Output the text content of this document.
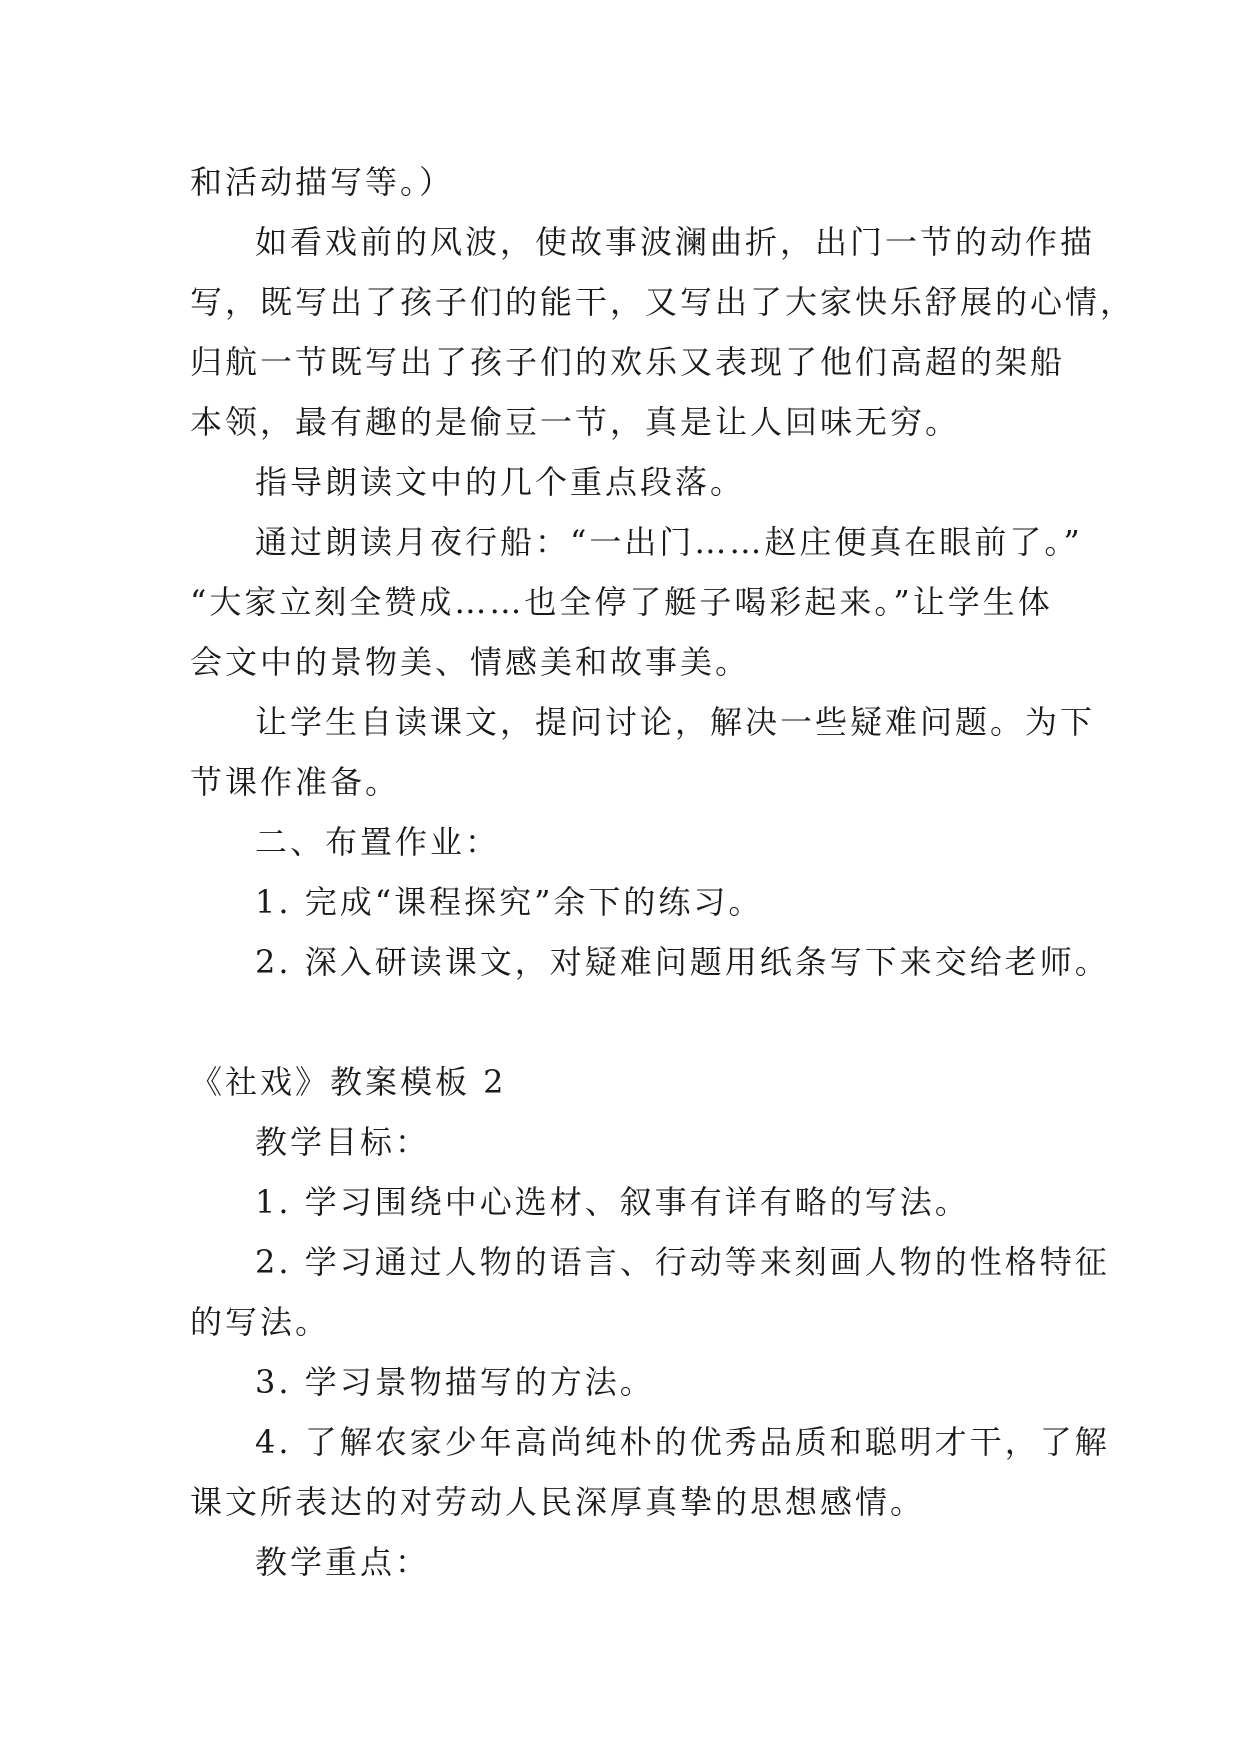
和活动描写等。）
如看戏前的风波，使故事波澜曲折，出门一节的动作描
写，既写出了孩子们的能干，又写出了大家快乐舒展的心情，
归航一节既写出了孩子们的欢乐又表现了他们高超的架船
本领，最有趣的是偷豆一节，真是让人回味无穷。
指导朗读文中的几个重点段落。
通过朗读月夜行船：“一出门……赵庄便真在眼前了。”
“大家立刻全赞成……也全停了艇子喝彩起来。”让学生体
会文中的景物美、情感美和故事美。
让学生自读课文，提问讨论，解决一些疑难问题。为下
节课作准备。
二、布置作业：
1. 完成“课程探究”余下的练习。
2. 深入研读课文，对疑难问题用纸条写下来交给老师。
《社戏》教案模板 2
教学目标：
1. 学习围绕中心选材、叙事有详有略的写法。
2. 学习通过人物的语言、行动等来刻画人物的性格特征
的写法。
3. 学习景物描写的方法。
4. 了解农家少年高尚纯朴的优秀品质和聪明才干，了解
课文所表达的对劳动人民深厚真挚的思想感情。
教学重点：
